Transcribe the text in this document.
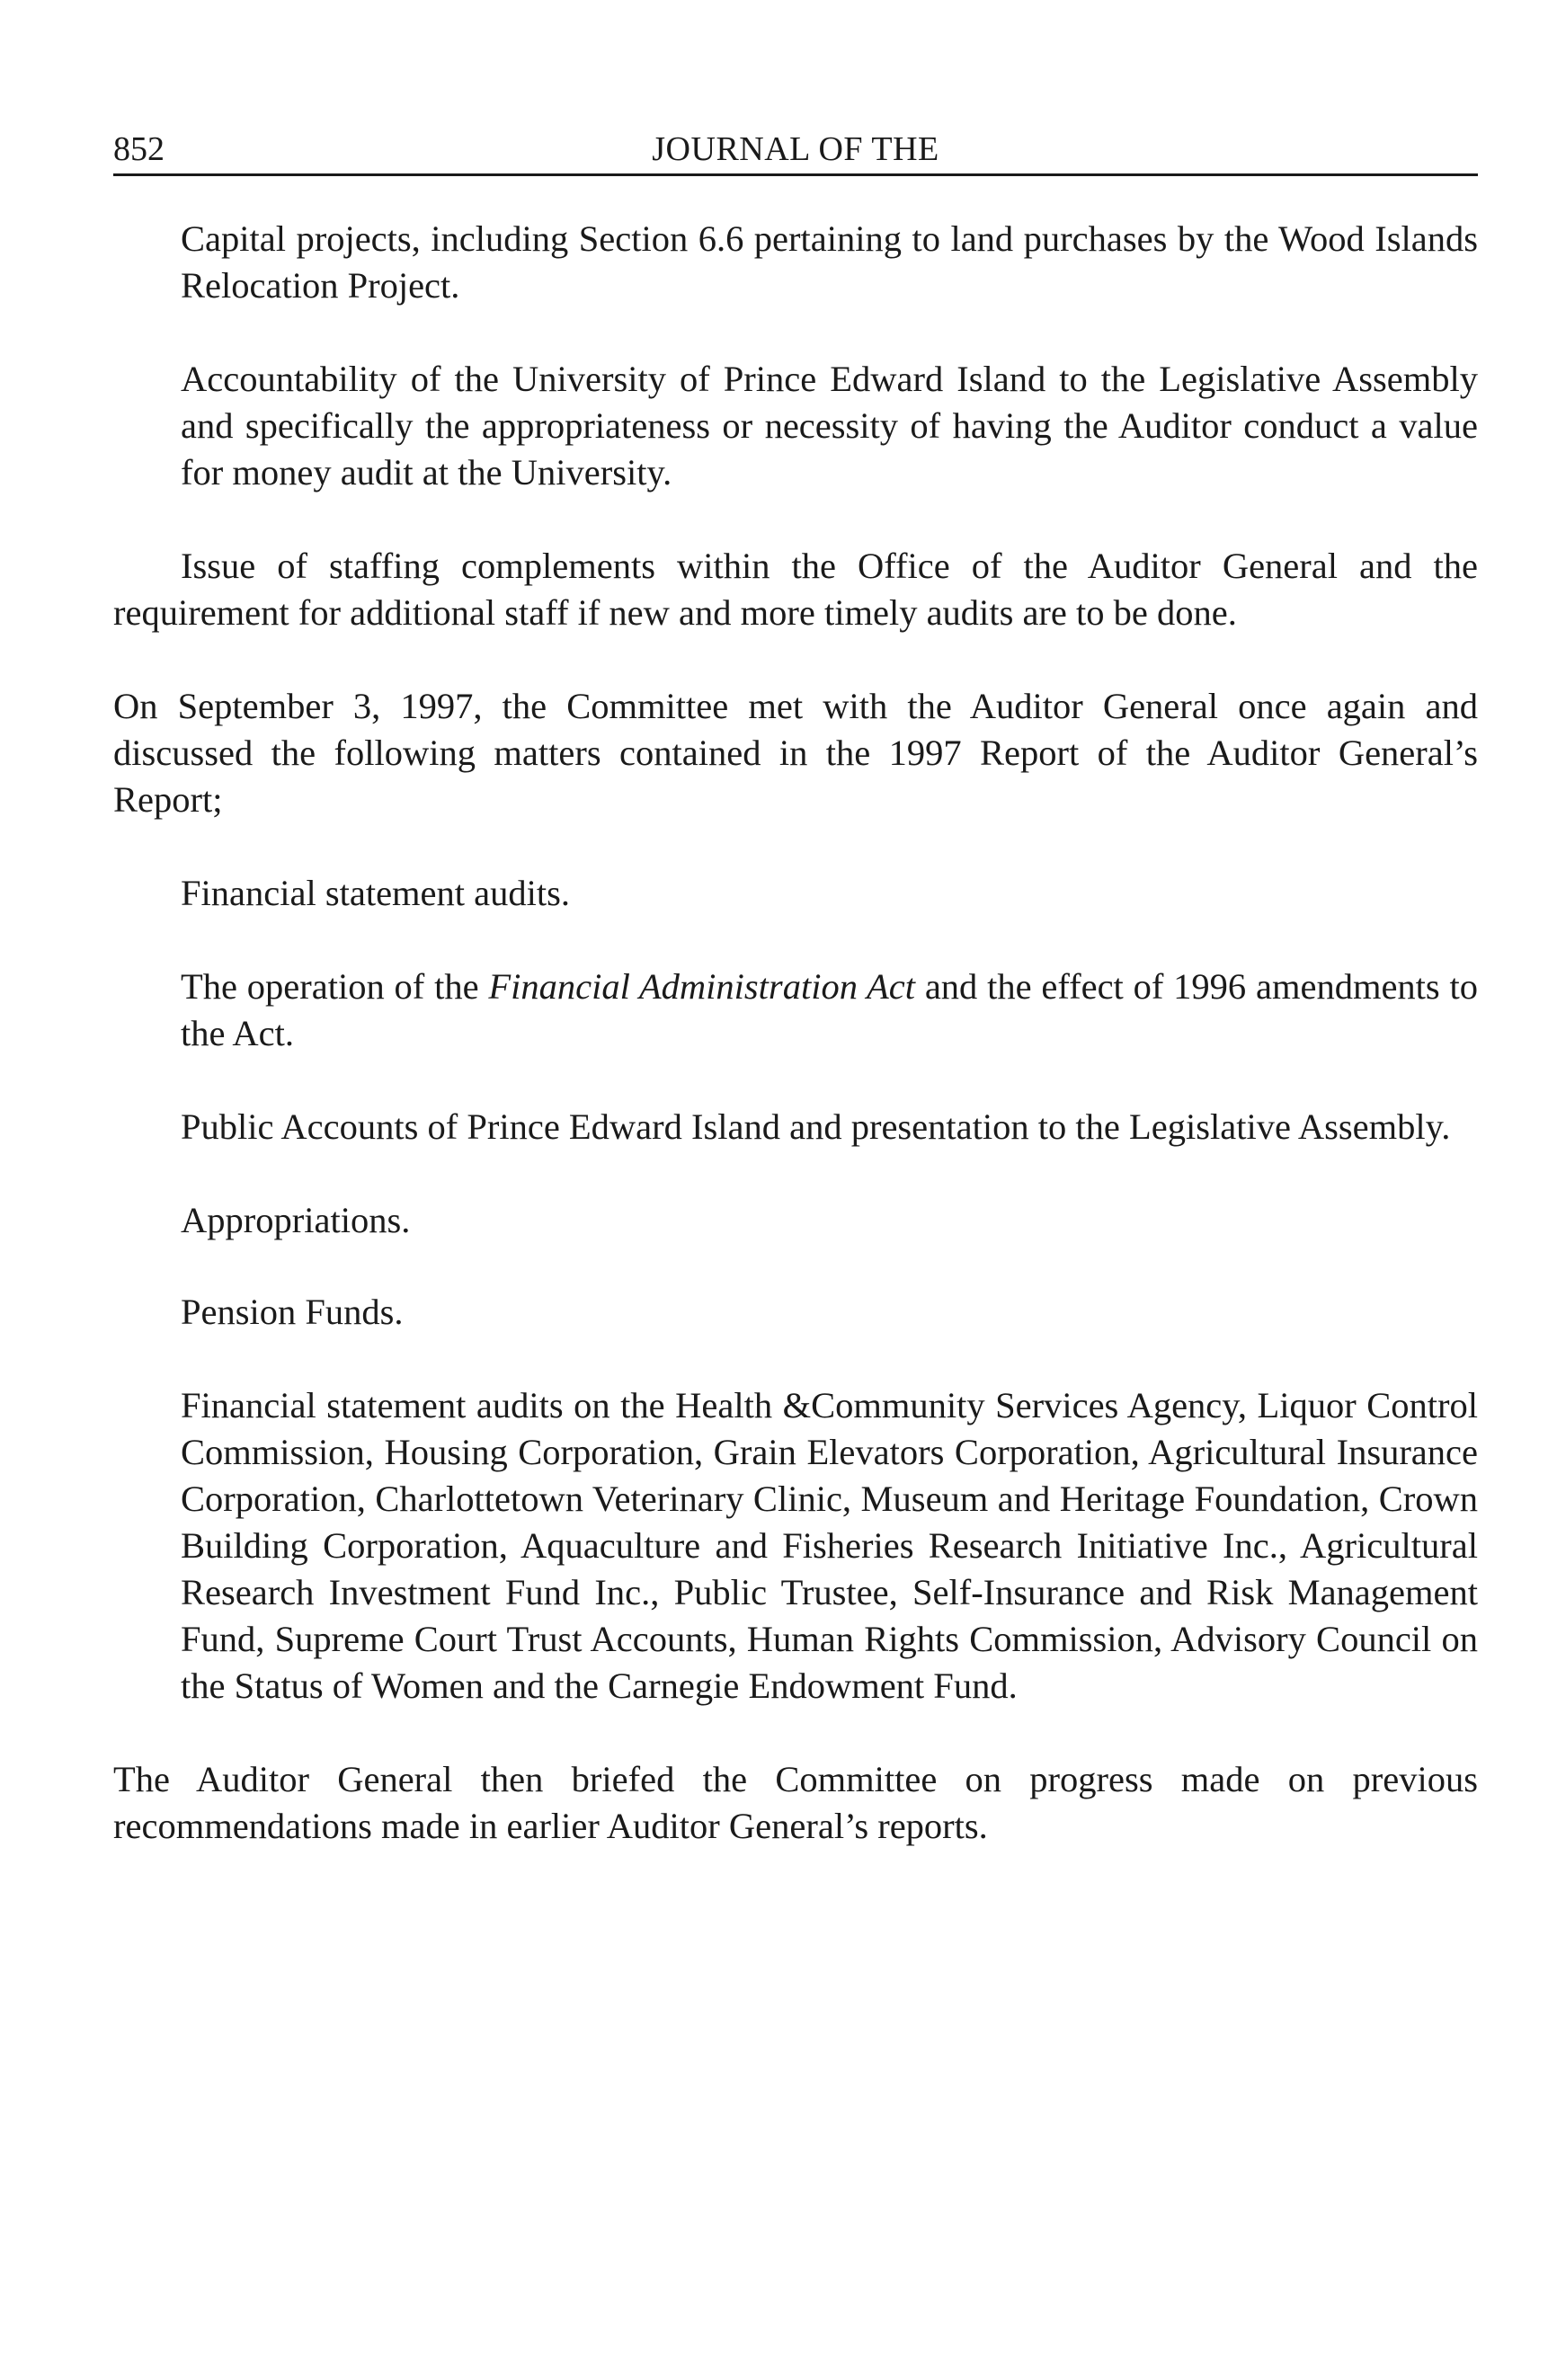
852	JOURNAL OF THE

Capital projects, including Section 6.6 pertaining to land purchases by the Wood Islands Relocation Project.

Accountability of the University of Prince Edward Island to the Legislative Assembly and specifically the appropriateness or necessity of having the Auditor conduct a value for money audit at the University.

Issue of staffing complements within the Office of the Auditor General and the requirement for additional staff if new and more timely audits are to be done.

On September 3, 1997, the Committee met with the Auditor General once again and discussed the following matters contained in the 1997 Report of the Auditor General’s Report;

Financial statement audits.

The operation of the Financial Administration Act and the effect of 1996 amendments to the Act.

Public Accounts of Prince Edward Island and presentation to the Legislative Assembly.

Appropriations.

Pension Funds.

Financial statement audits on the Health &Community Services Agency, Liquor Control Commission, Housing Corporation, Grain Elevators Corporation, Agricultural Insurance Corporation, Charlottetown Veterinary Clinic, Museum and Heritage Foundation, Crown Building Corporation, Aquaculture and Fisheries Research Initiative Inc., Agricultural Research Investment Fund Inc., Public Trustee, Self-Insurance and Risk Management Fund, Supreme Court Trust Accounts, Human Rights Commission, Advisory Council on the Status of Women and the Carnegie Endowment Fund.

The Auditor General then briefed the Committee on progress made on previous recommendations made in earlier Auditor General’s reports.
